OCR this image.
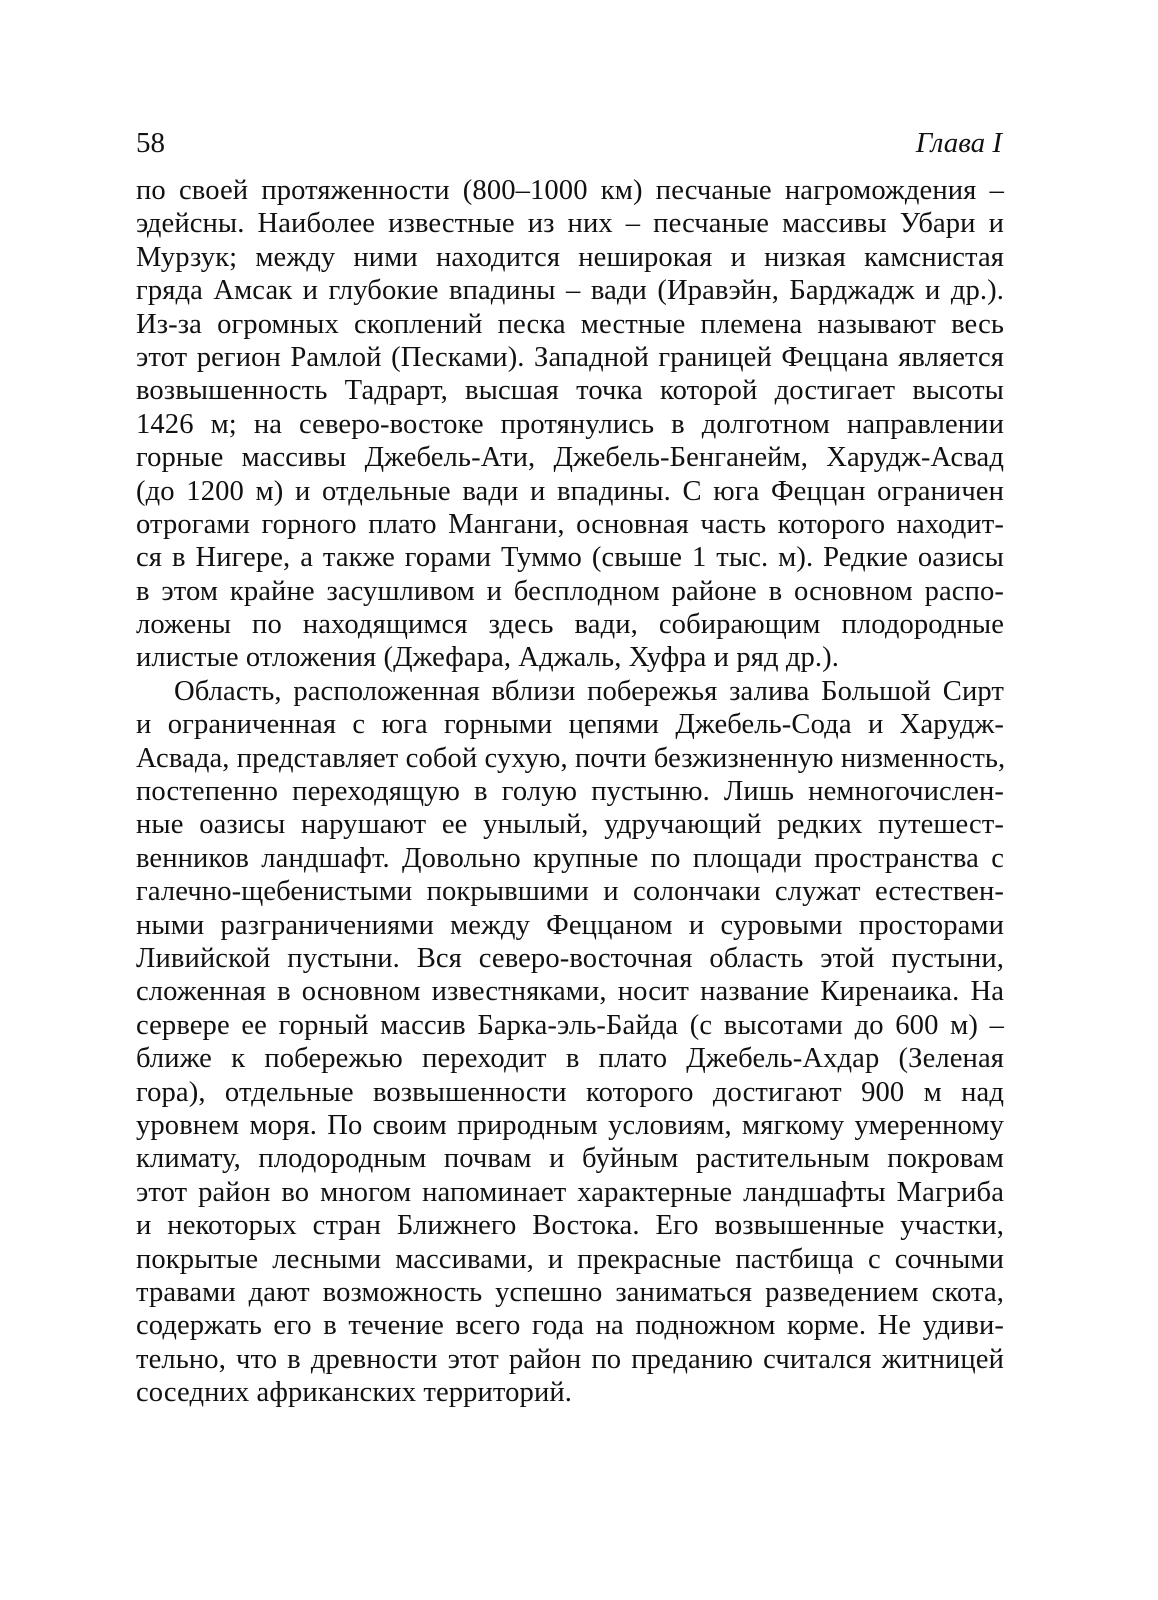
58	Глава I
по своей протяженности (800–1000 км) песчаные нагромождения –
эдейсны. Наиболее известные из них – песчаные массивы Убари и
Мурзук; между ними находится неширокая и низкая камснистая
гряда Амсак и глубокие впадины – вади (Иравэйн, Барджадж и др.).
Из-за огромных скоплений песка местные племена называют весь
этот регион Рамлой (Песками). Западной границей Феццана является
возвышенность Тадрарт, высшая точка которой достигает высоты
1426 м; на северо-востоке протянулись в долготном направлении
горные массивы Джебель-Ати, Джебель-Бенганейм, Харудж-Асвад
(до 1200 м) и отдельные вади и впадины. С юга Феццан ограничен
отрогами горного плато Мангани, основная часть которого находит-
ся в Нигере, а также горами Туммо (свыше 1 тыс. м). Редкие оазисы
в этом крайне засушливом и бесплодном районе в основном распо-
ложены по находящимся здесь вади, собирающим плодородные
илистые отложения (Джефара, Аджаль, Хуфра и ряд др.).
Область, расположенная вблизи побережья залива Большой Сирт
и ограниченная с юга горными цепями Джебель-Сода и Харудж-
Асвада, представляет собой сухую, почти безжизненную низменность,
постепенно переходящую в голую пустыню. Лишь немногочислен-
ные оазисы нарушают ее унылый, удручающий редких путешест-
венников ландшафт. Довольно крупные по площади пространства с
галечно-щебенистыми покрывшими и солончаки служат естествен-
ными разграничениями между Феццаном и суровыми просторами
Ливийской пустыни. Вся северо-восточная область этой пустыни,
сложенная в основном известняками, носит название Киренаика. На
сервере ее горный массив Барка-эль-Байда (с высотами до 600 м) –
ближе к побережью переходит в плато Джебель-Ахдар (Зеленая
гора), отдельные возвышенности которого достигают 900 м над
уровнем моря. По своим природным условиям, мягкому умеренному
климату, плодородным почвам и буйным растительным покровам
этот район во многом напоминает характерные ландшафты Магриба
и некоторых стран Ближнего Востока. Его возвышенные участки,
покрытые лесными массивами, и прекрасные пастбища с сочными
травами дают возможность успешно заниматься разведением скота,
содержать его в течение всего года на подножном корме. Не удиви-
тельно, что в древности этот район по преданию считался житницей
соседних африканских территорий.
